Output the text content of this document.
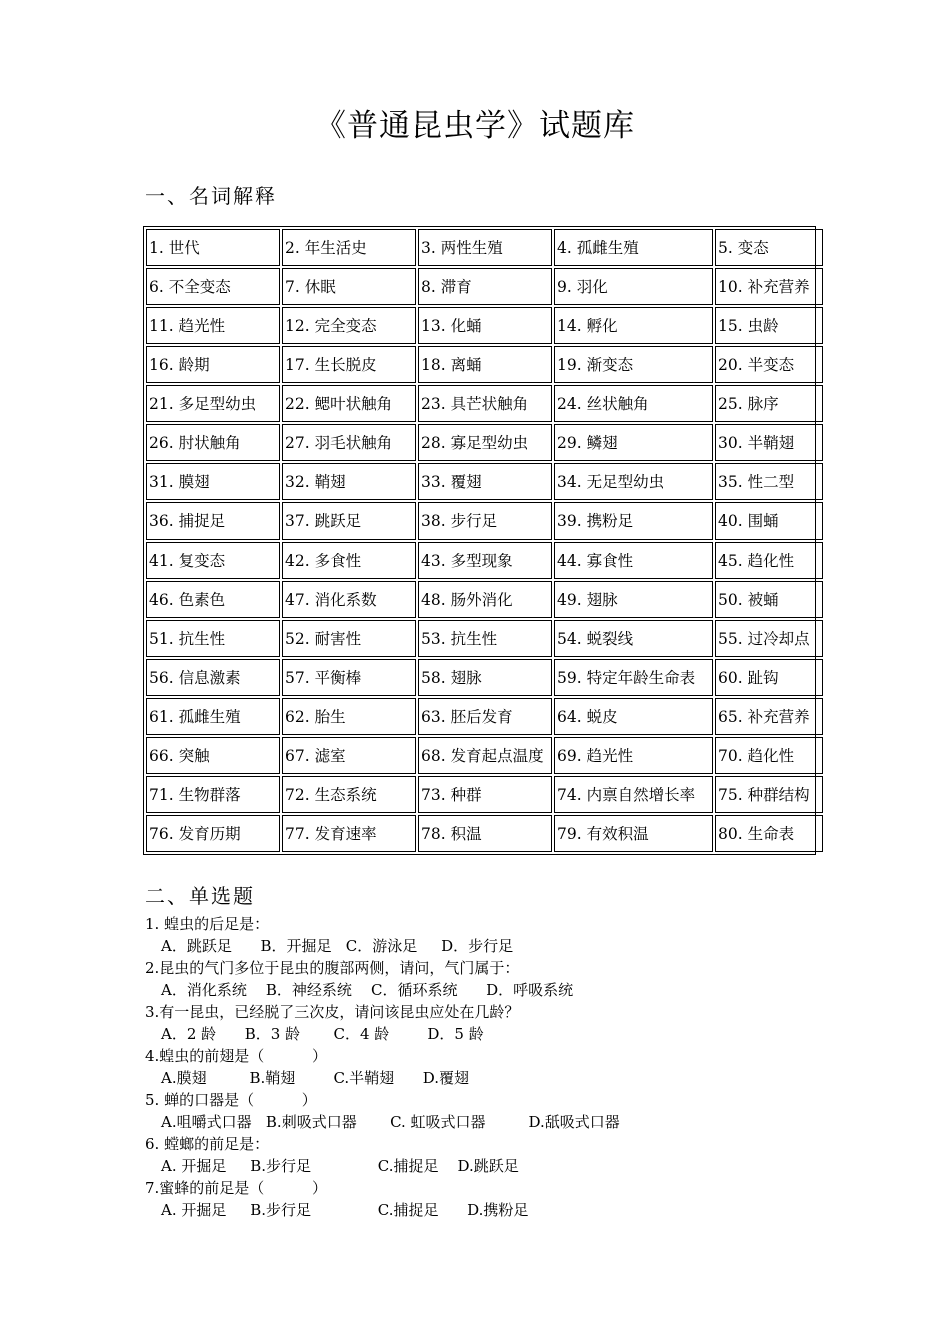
《普通昆虫学》试题库
一、名词解释
1. 世代	2. 年生活史	3. 两性生殖	4. 孤雌生殖	5. 变态
6. 不全变态	7. 休眠	8. 滞育	9. 羽化	10. 补充营养
11. 趋光性	12. 完全变态	13. 化蛹	14. 孵化	15. 虫龄
16. 龄期	17. 生长脱皮	18. 离蛹	19. 渐变态	20. 半变态
21. 多足型幼虫	22. 鳃叶状触角	23. 具芒状触角	24. 丝状触角	25. 脉序
26. 肘状触角	27. 羽毛状触角	28. 寡足型幼虫	29. 鳞翅	30. 半鞘翅
31. 膜翅	32. 鞘翅	33. 覆翅	34. 无足型幼虫	35. 性二型
36. 捕捉足	37. 跳跃足	38. 步行足	39. 携粉足	40. 围蛹
41. 复变态	42. 多食性	43. 多型现象	44. 寡食性	45. 趋化性
46. 色素色	47. 消化系数	48. 肠外消化	49. 翅脉	50. 被蛹
51. 抗生性	52. 耐害性	53. 抗生性	54. 蜕裂线	55. 过冷却点
56. 信息激素	57. 平衡棒	58. 翅脉	59. 特定年龄生命表	60. 趾钩
61. 孤雌生殖	62. 胎生	63. 胚后发育	64. 蜕皮	65. 补充营养
66. 突触	67. 滤室	68. 发育起点温度	69. 趋光性	70. 趋化性
71. 生物群落	72. 生态系统	73. 种群	74. 内禀自然增长率	75. 种群结构
76. 发育历期	77. 发育速率	78. 积温	79. 有效积温	80. 生命表
二、单选题
1. 蝗虫的后足是：
A．跳跃足      B．开掘足   C．游泳足     D．步行足
2.昆虫的气门多位于昆虫的腹部两侧，请问，气门属于：
A．消化系统    B．神经系统    C．循环系统      D．呼吸系统
3.有一昆虫，已经脱了三次皮，请问该昆虫应处在几龄？
A．2 龄      B．3 龄       C．4 龄        D．5 龄
4.蝗虫的前翅是（          ）
A.膜翅         B.鞘翅        C.半鞘翅      D.覆翅
5. 蝉的口器是（          ）
A.咀嚼式口器   B.刺吸式口器       C. 虹吸式口器         D.舐吸式口器
6. 螳螂的前足是：
A. 开掘足     B.步行足              C.捕捉足    D.跳跃足
7.蜜蜂的前足是（          ）
A. 开掘足     B.步行足              C.捕捉足      D.携粉足
